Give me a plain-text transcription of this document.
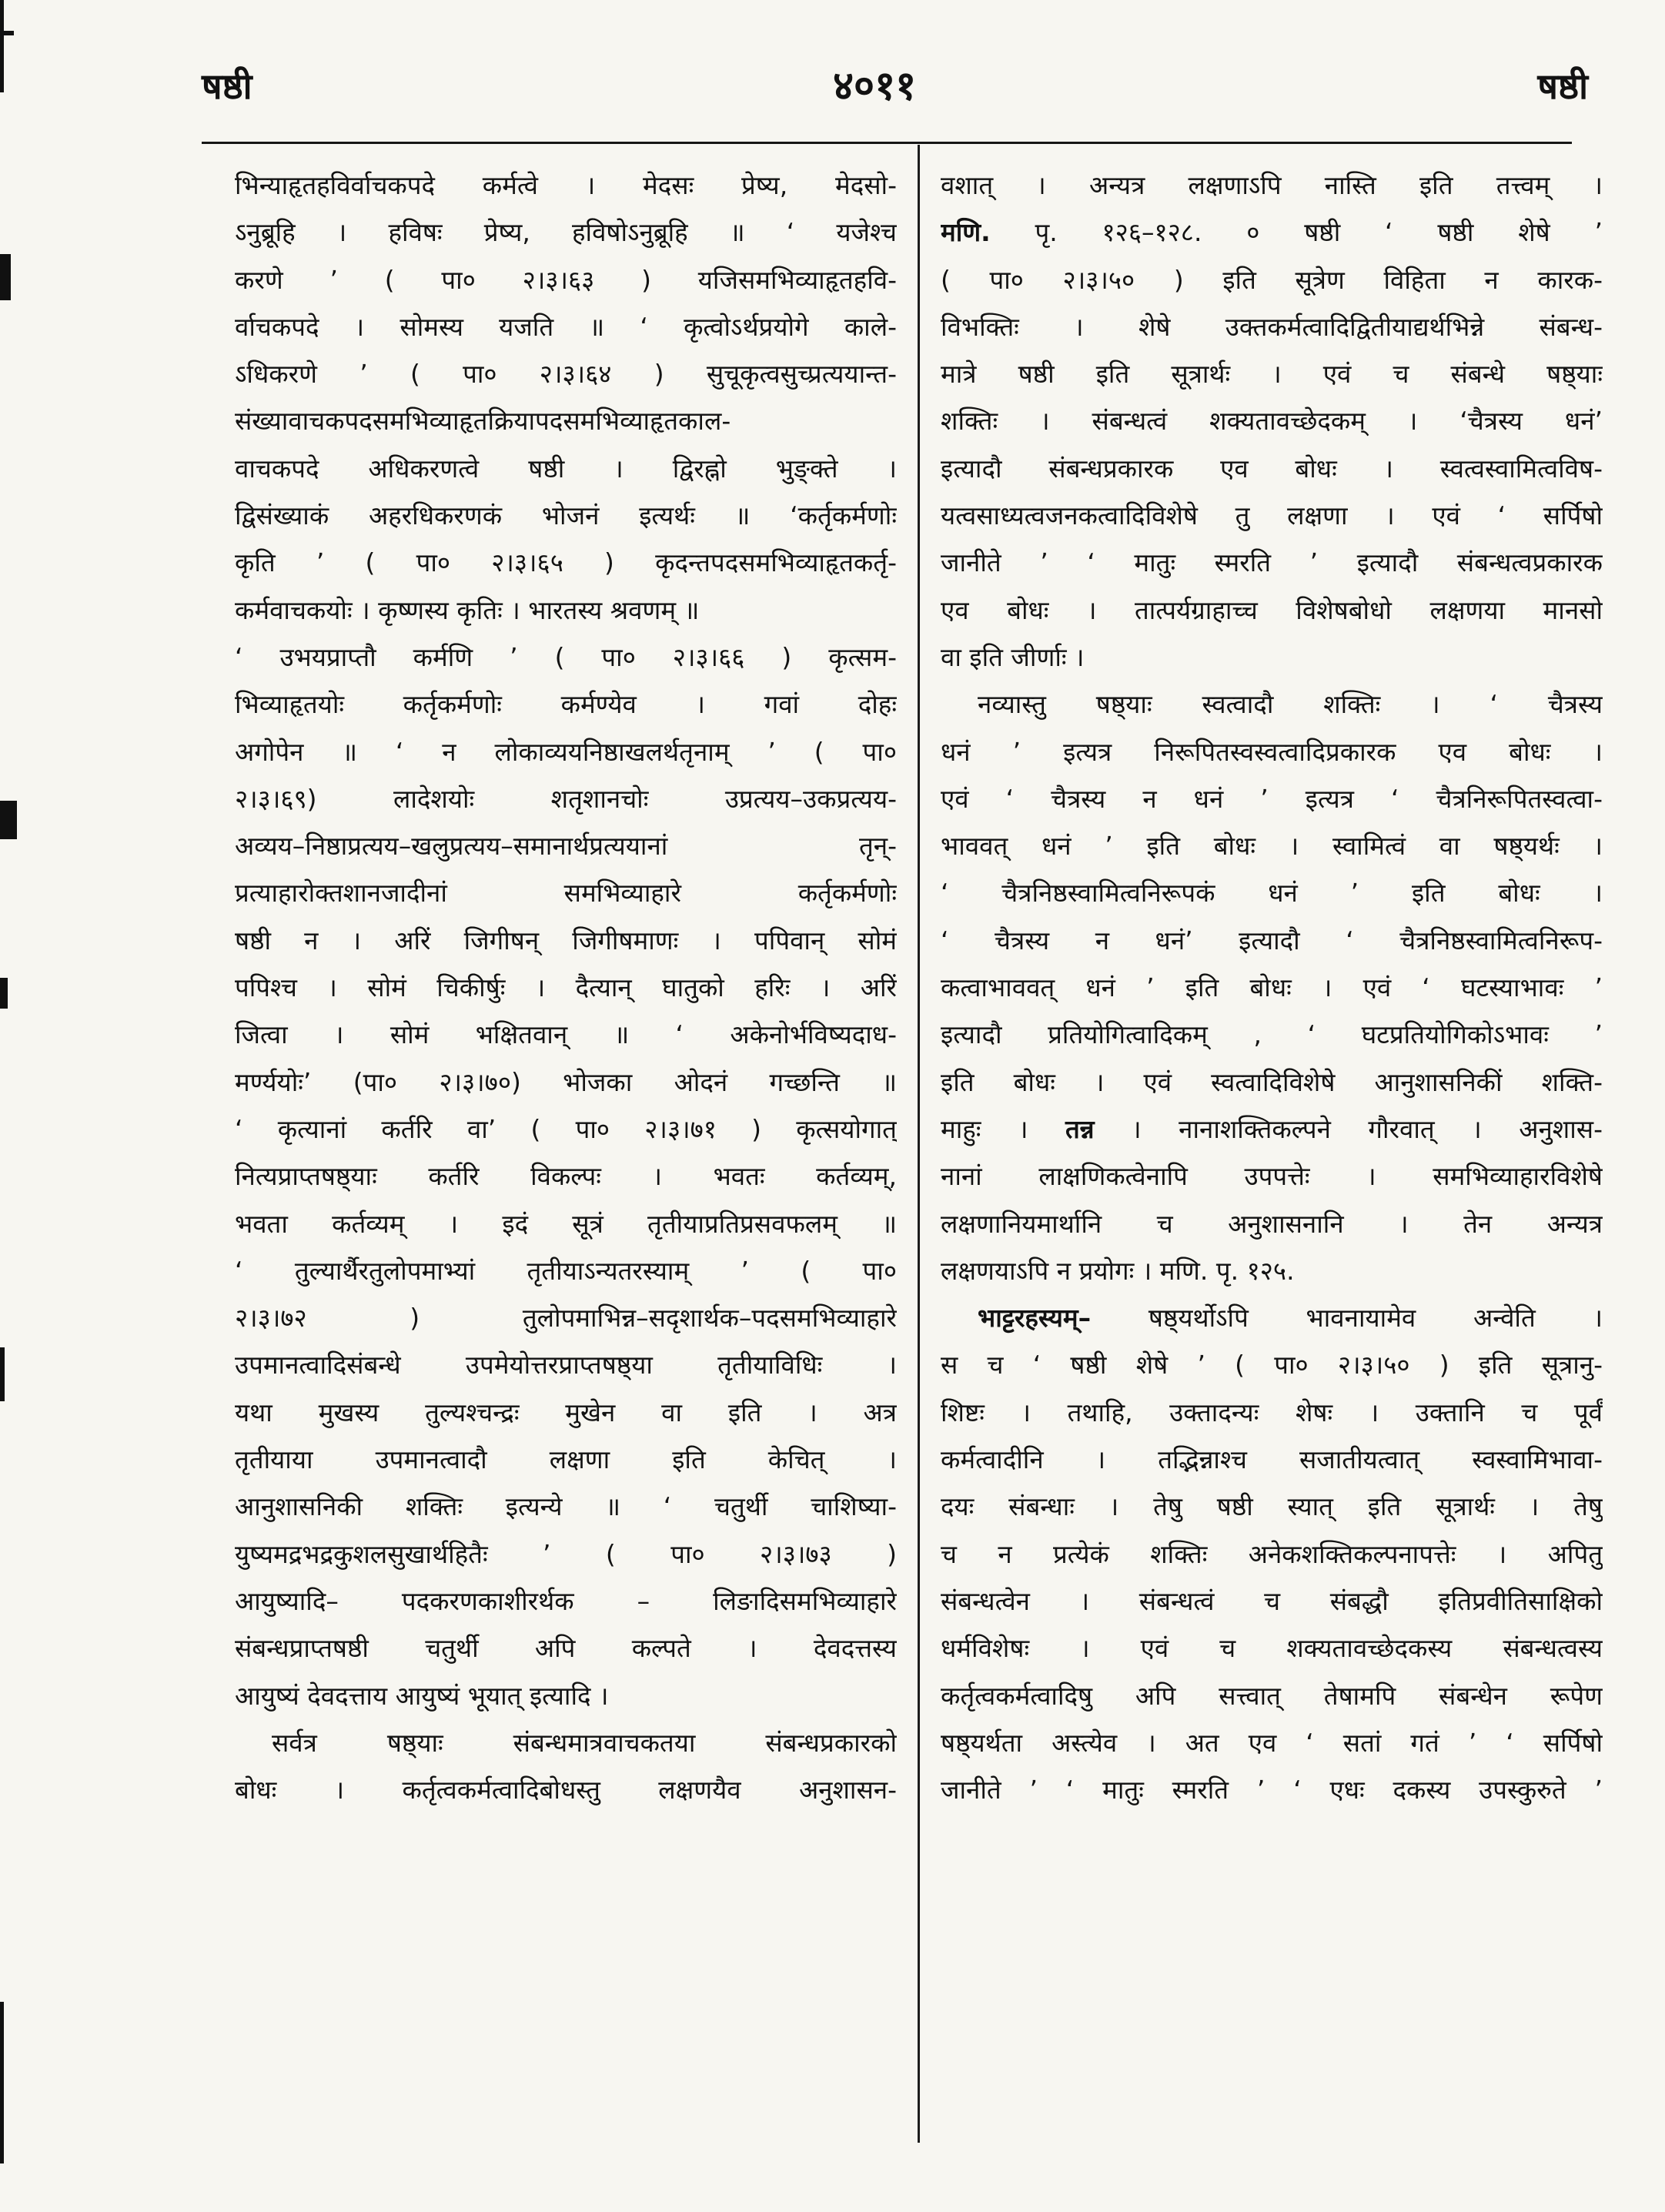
षष्ठी	४०११	षष्ठी
भिन्याहृतहविर्वाचकपदे कर्मत्वे । मेदसः प्रेष्य, मेदसो-
ऽनुब्रूहि । हविषः प्रेष्य, हविषोऽनुब्रूहि ॥ ‘ यजेश्च
करणे ’ ( पा० २।३।६३ ) यजिसमभिव्याहृतहवि-
र्वाचकपदे । सोमस्य यजति ॥ ‘ कृत्वोऽर्थप्रयोगे काले-
ऽधिकरणे ’ ( पा० २।३।६४ ) सुचूकृत्वसुच्प्रत्ययान्त-
संख्यावाचकपदसमभिव्याहृतक्रियापदसमभिव्याहृतकाल-
वाचकपदे अधिकरणत्वे षष्ठी । द्विरह्नो भुङ्क्ते ।
द्विसंख्याकं अहरधिकरणकं भोजनं इत्यर्थः ॥ ‘कर्तृकर्मणोः
कृति ’ ( पा० २।३।६५ ) कृदन्तपदसमभिव्याहृतकर्तृ-
कर्मवाचकयोः । कृष्णस्य कृतिः । भारतस्य श्रवणम् ॥
‘ उभयप्राप्तौ कर्मणि ’ ( पा० २।३।६६ ) कृत्सम-
भिव्याहृतयोः कर्तृकर्मणोः कर्मण्येव । गवां दोहः
अगोपेन ॥ ‘ न लोकाव्ययनिष्ठाखलर्थतृनाम् ’ ( पा०
२।३।६९) लादेशयोः शतृशानचोः उप्रत्यय–उकप्रत्यय-
अव्यय–निष्ठाप्रत्यय–खलुप्रत्यय–समानार्थप्रत्ययानां तृन्-
प्रत्याहारोक्तशानजादीनां समभिव्याहारे कर्तृकर्मणोः
षष्ठी न । अरिं जिगीषन् जिगीषमाणः । पपिवान् सोमं
पपिश्च । सोमं चिकीर्षुः । दैत्यान् घातुको हरिः । अरिं
जित्वा । सोमं भक्षितवान् ॥ ‘ अकेनोर्भविष्यदाध-
मर्ण्ययोः’ (पा० २।३।७०) भोजका ओदनं गच्छन्ति ॥
‘ कृत्यानां कर्तरि वा’ ( पा० २।३।७१ ) कृत्सयोगात्
नित्यप्राप्तषष्ठ्याः कर्तरि विकल्पः । भवतः कर्तव्यम्,
भवता कर्तव्यम् । इदं सूत्रं तृतीयाप्रतिप्रसवफलम् ॥
‘ तुल्यार्थैरतुलोपमाभ्यां तृतीयाऽन्यतरस्याम् ’ ( पा०
२।३।७२ ) तुलोपमाभिन्न–सदृशार्थक–पदसमभिव्याहारे
उपमानत्वादिसंबन्धे उपमेयोत्तरप्राप्तषष्ठ्या तृतीयाविधिः ।
यथा मुखस्य तुल्यश्चन्द्रः मुखेन वा इति । अत्र
तृतीयाया उपमानत्वादौ लक्षणा इति केचित् ।
आनुशासनिकी शक्तिः इत्यन्ये ॥ ‘ चतुर्थी चाशिष्या-
युष्यमद्रभद्रकुशलसुखार्थहितैः ’ ( पा० २।३।७३ )
आयुष्यादि– पदकरणकाशीरर्थक – लिङादिसमभिव्याहारे
संबन्धप्राप्तषष्ठी चतुर्थी अपि कल्पते । देवदत्तस्य
आयुष्यं देवदत्ताय आयुष्यं भूयात् इत्यादि ।
सर्वत्र षष्ठ्याः संबन्धमात्रवाचकतया संबन्धप्रकारको
बोधः । कर्तृत्वकर्मत्वादिबोधस्तु लक्षणयैव अनुशासन-
वशात् । अन्यत्र लक्षणाऽपि नास्ति इति तत्त्वम् ।
मणि. पृ. १२६–१२८. ० षष्ठी ‘ षष्ठी शेषे ’
( पा० २।३।५० ) इति सूत्रेण विहिता न कारक-
विभक्तिः । शेषे उक्तकर्मत्वादिद्वितीयाद्यर्थभिन्ने संबन्ध-
मात्रे षष्ठी इति सूत्रार्थः । एवं च संबन्धे षष्ठ्याः
शक्तिः । संबन्धत्वं शक्यतावच्छेदकम् । ‘चैत्रस्य धनं’
इत्यादौ संबन्धप्रकारक एव बोधः । स्वत्वस्वामित्वविष-
यत्वसाध्यत्वजनकत्वादिविशेषे तु लक्षणा । एवं ‘ सर्पिषो
जानीते ’ ‘ मातुः स्मरति ’ इत्यादौ संबन्धत्वप्रकारक
एव बोधः । तात्पर्यग्राहाच्च विशेषबोधो लक्षणया मानसो
वा इति जीर्णाः ।
नव्यास्तु षष्ठ्याः स्वत्वादौ शक्तिः । ‘ चैत्रस्य
धनं ’ इत्यत्र निरूपितस्वस्वत्वादिप्रकारक एव बोधः ।
एवं ‘ चैत्रस्य न धनं ’ इत्यत्र ‘ चैत्रनिरूपितस्वत्वा-
भाववत् धनं ’ इति बोधः । स्वामित्वं वा षष्ठ्यर्थः ।
‘ चैत्रनिष्ठस्वामित्वनिरूपकं धनं ’ इति बोधः ।
‘ चैत्रस्य न धनं’ इत्यादौ ‘ चैत्रनिष्ठस्वामित्वनिरूप-
कत्वाभाववत् धनं ’ इति बोधः । एवं ‘ घटस्याभावः ’
इत्यादौ प्रतियोगित्वादिकम् , ‘ घटप्रतियोगिकोऽभावः ’
इति बोधः । एवं स्वत्वादिविशेषे आनुशासनिकीं शक्ति-
माहुः । तन्न । नानाशक्तिकल्पने गौरवात् । अनुशास-
नानां लाक्षणिकत्वेनापि उपपत्तेः । समभिव्याहारविशेषे
लक्षणानियमार्थानि च अनुशासनानि । तेन अन्यत्र
लक्षणयाऽपि न प्रयोगः । मणि. पृ. १२५.
भाट्टरहस्यम्– षष्ठ्यर्थोऽपि भावनायामेव अन्वेति ।
स च ‘ षष्ठी शेषे ’ ( पा० २।३।५० ) इति सूत्रानु-
शिष्टः । तथाहि, उक्तादन्यः शेषः । उक्तानि च पूर्वं
कर्मत्वादीनि । तद्भिन्नाश्च सजातीयत्वात् स्वस्वामिभावा-
दयः संबन्धाः । तेषु षष्ठी स्यात् इति सूत्रार्थः । तेषु
च न प्रत्येकं शक्तिः अनेकशक्तिकल्पनापत्तेः । अपितु
संबन्धत्वेन । संबन्धत्वं च संबद्धौ इतिप्रवीतिसाक्षिको
धर्मविशेषः । एवं च शक्यतावच्छेदकस्य संबन्धत्वस्य
कर्तृत्वकर्मत्वादिषु अपि सत्त्वात् तेषामपि संबन्धेन रूपेण
षष्ठ्यर्थता अस्त्येव । अत एव ‘ सतां गतं ’ ‘ सर्पिषो
जानीते ’ ‘ मातुः स्मरति ’ ‘ एधः दकस्य उपस्कुरुते ’
